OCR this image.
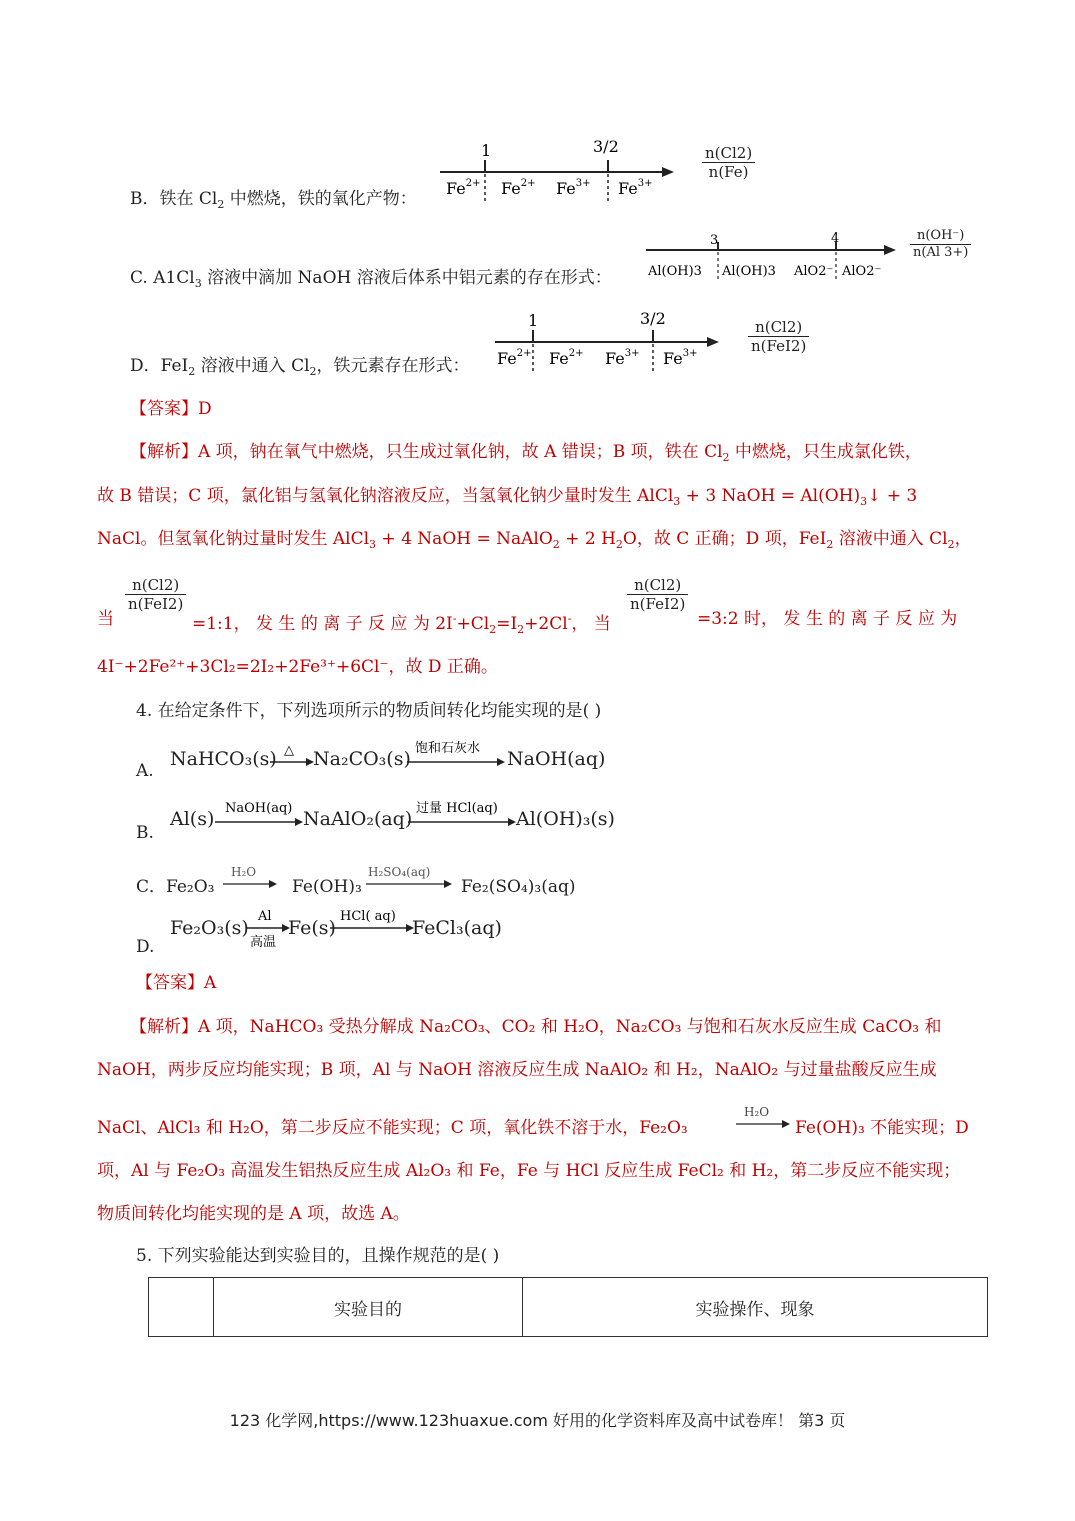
B．铁在 $Cl_2$ 中燃烧，铁的氧化产物：
1	3/2
$Fe^{2+}$ $Fe^{2+}$ $Fe^{3+}$ $Fe^{3+}$
$\frac{n(Cl2)}{n(Fe)}$
C. $A1Cl_3$ 溶液中滴加 NaOH 溶液后体系中铝元素的存在形式：
3	4
Al(OH)3 Al(OH)3 AlO2⁻ AlO2⁻
$\frac{n(OH^-)}{n(Al 3+)}$
D．FeI$_2$ 溶液中通入 $Cl_2$，铁元素存在形式：
1	3/2
$Fe^{2+}$ $Fe^{2+}$ $Fe^{3+}$ $Fe^{3+}$	$\frac{n(Cl2)}{\text{n(FeI2)}}$
【答案】D
【解析】A 项，钠在氧气中燃烧，只生成过氧化钠，故 A 错误；B 项，铁在 $Cl_2$ 中燃烧，只生成氯化铁，
故 B 错误；C 项，氯化铝与氢氧化钠溶液反应，当氢氧化钠少量时发生 AlCl$_3$ + 3 NaOH = $Al(OH)_3↓ + 3$
NaCl。但氢氧化钠过量时发生 AlCl$_3$ + 4 NaOH = NaAlO$_2$ + 2 $H_2O$，故 C 正确；D 项，FeI$_2$ 溶液中通入 $Cl_2$，
当
$\frac{n(Cl2)}{\text{n(FeI2)}}$
=1:1， 发 生 的 离 子 反 应 为 $2I^-+Cl_2=I_2+2Cl^-$， 当
$\frac{n(Cl2)}{\text{n(FeI2)}}$
=3:2 时， 发 生 的 离 子 反 应 为
4I⁻+2Fe²⁺+3Cl₂=2I₂+2Fe³⁺+6Cl⁻，故 D 正确。
4. 在给定条件下，下列选项所示的物质间转化均能实现的是( )
A.
NaHCO₃(s) △ Na₂CO₃(s) 饱和石灰水 NaOH(aq)
B.
Al(s) NaOH(aq) NaAlO₂(aq) 过量 HCl(aq) Al(OH)₃(s)
C．Fe₂O₃
H₂O
Fe(OH)₃
H₂SO₄(aq)
Fe₂(SO₄)₃(aq)
D.
Fe₂O₃(s)
Al
高温
Fe(s)
HCl( aq)
FeCl₃(aq)
【答案】A
【解析】A 项，NaHCO₃ 受热分解成 Na₂CO₃、CO₂ 和 H₂O，Na₂CO₃ 与饱和石灰水反应生成 CaCO₃ 和
NaOH，两步反应均能实现；B 项，Al 与 NaOH 溶液反应生成 NaAlO₂ 和 H₂，NaAlO₂ 与过量盐酸反应生成
NaCl、AlCl₃ 和 H₂O，第二步反应不能实现；C 项，氧化铁不溶于水，Fe₂O₃
H₂O
Fe(OH)₃ 不能实现；D
项，Al 与 Fe₂O₃ 高温发生铝热反应生成 Al₂O₃ 和 Fe，Fe 与 HCl 反应生成 FeCl₂ 和 H₂，第二步反应不能实现；
物质间转化均能实现的是 A 项，故选 A。
5. 下列实验能达到实验目的，且操作规范的是( )
	实验目的	实验操作、现象
123 化学网,https://www.123huaxue.com 好用的化学资料库及高中试卷库！ 第3 页
